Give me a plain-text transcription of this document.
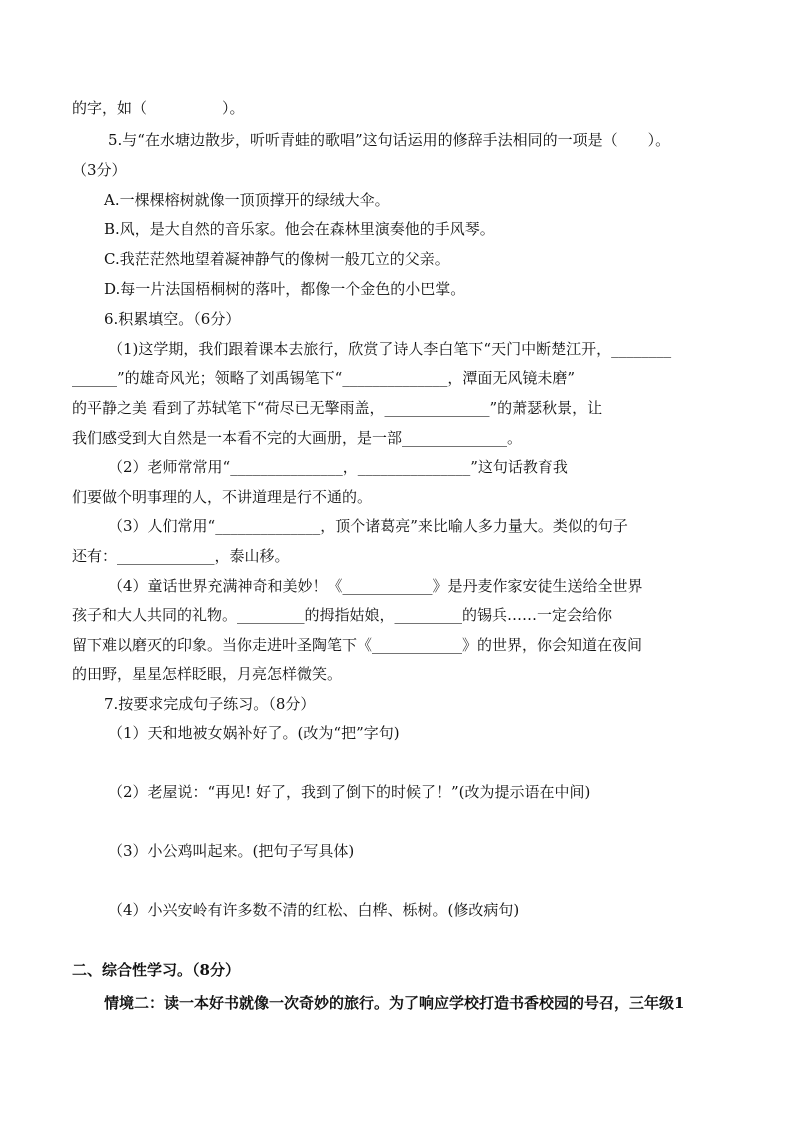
的字，如（　　　　　）。
5.与“在水塘边散步，听听青蛙的歌唱”这句话运用的修辞手法相同的一项是（　　）。
（3分）
A.一棵棵榕树就像一顶顶撑开的绿绒大伞。
B.风，是大自然的音乐家。他会在森林里演奏他的手风琴。
C.我茫茫然地望着凝神静气的像树一般兀立的父亲。
D.每一片法国梧桐树的落叶，都像一个金色的小巴掌。
6.积累填空。（6分）
（1)这学期，我们跟着课本去旅行，欣赏了诗人李白笔下“天门中断楚江开，________
______”的雄奇风光；领略了刘禹锡笔下“______________，潭面无风镜未磨”
的平静之美 看到了苏轼笔下“荷尽已无擎雨盖，______________”的萧瑟秋景，让
我们感受到大自然是一本看不完的大画册，是一部______________。
（2）老师常常用“_______________，_______________”这句话教育我
们要做个明事理的人，不讲道理是行不通的。
（3）人们常用“______________，顶个诸葛亮”来比喻人多力量大。类似的句子
还有：_____________，泰山移。
（4）童话世界充满神奇和美妙！《____________》是丹麦作家安徒生送给全世界
孩子和大人共同的礼物。_________的拇指姑娘，_________的锡兵……一定会给你
留下难以磨灭的印象。当你走进叶圣陶笔下《____________》的世界，你会知道在夜间
的田野，星星怎样眨眼，月亮怎样微笑。
7.按要求完成句子练习。（8分）
（1）天和地被女娲补好了。(改为“把”字句)
（2）老屋说：“再见! 好了，我到了倒下的时候了！”(改为提示语在中间)
（3）小公鸡叫起来。(把句子写具体)
（4）小兴安岭有许多数不清的红松、白桦、栎树。(修改病句)
二、综合性学习。（8分）
情境二：读一本好书就像一次奇妙的旅行。为了响应学校打造书香校园的号召，三年级1
